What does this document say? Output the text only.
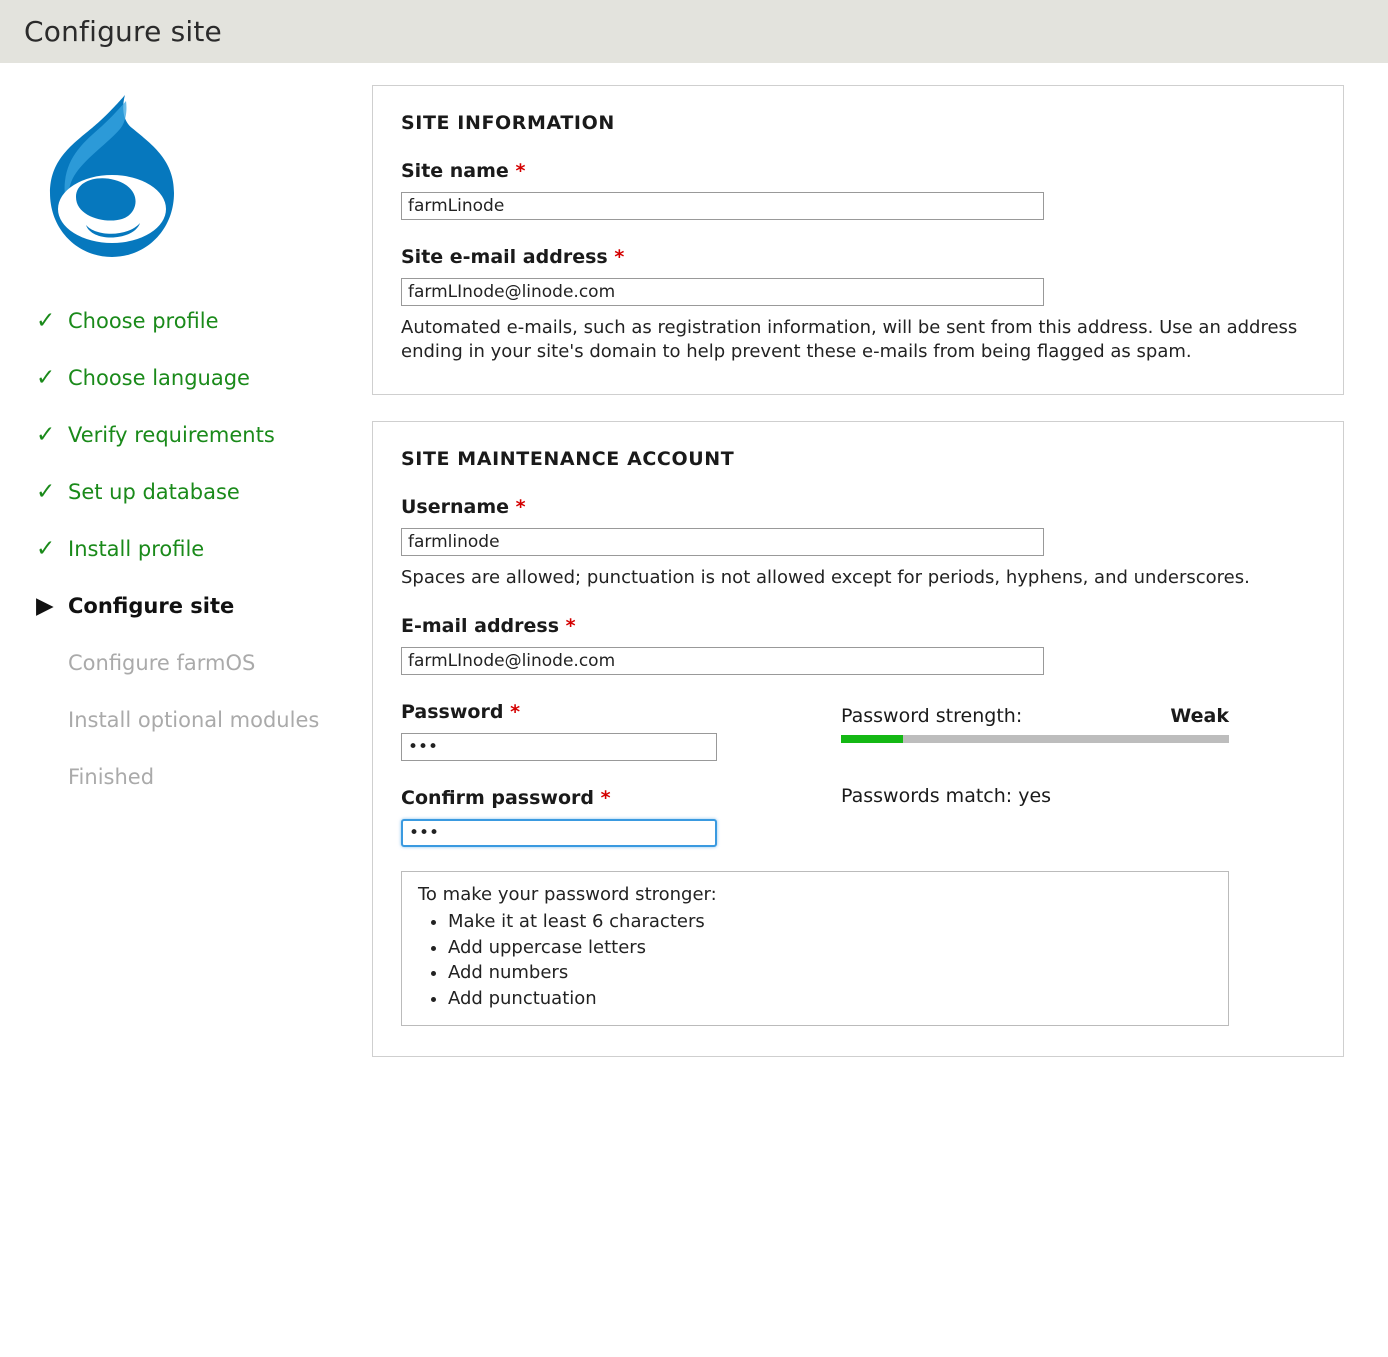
Configure site
✓ Choose profile
✓ Choose language
✓ Verify requirements
✓ Set up database
✓ Install profile
▶ Configure site
Configure farmOS
Install optional modules
Finished
SITE INFORMATION
Site name *
farmLinode
Site e-mail address *
farmLInode@linode.com
Automated e-mails, such as registration information, will be sent from this address. Use an address ending in your site's domain to help prevent these e-mails from being flagged as spam.
SITE MAINTENANCE ACCOUNT
Username *
farmlinode
Spaces are allowed; punctuation is not allowed except for periods, hyphens, and underscores.
E-mail address *
farmLInode@linode.com
Password *
•••
Confirm password *
•••
Password strength:	Weak
Passwords match: yes
To make your password stronger:
• Make it at least 6 characters
• Add uppercase letters
• Add numbers
• Add punctuation
